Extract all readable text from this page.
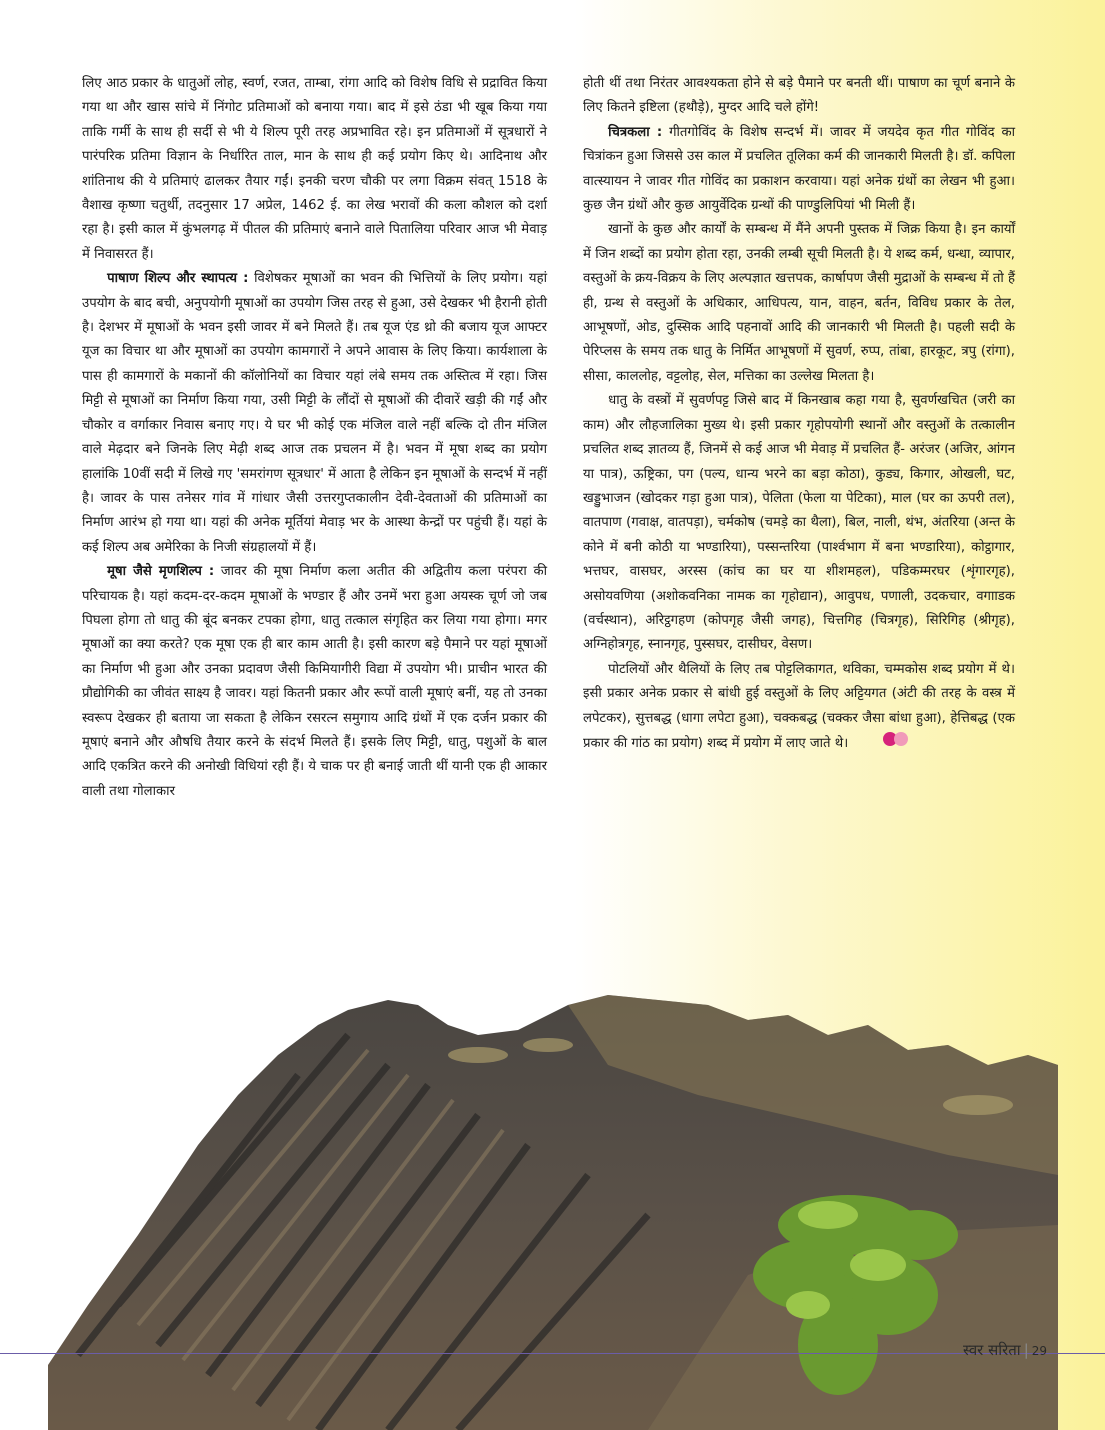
लिए आठ प्रकार के धातुओं लोह, स्वर्ण, रजत, ताम्बा, रांगा आदि को विशेष विधि से प्रद्रावित किया गया था और खास सांचे में निंगोट प्रतिमाओं को बनाया गया। बाद में इसे ठंडा भी खूब किया गया ताकि गर्मी के साथ ही सर्दी से भी ये शिल्प पूरी तरह अप्रभावित रहे। इन प्रतिमाओं में सूत्रधारों ने पारंपरिक प्रतिमा विज्ञान के निर्धारित ताल, मान के साथ ही कई प्रयोग किए थे। आदिनाथ और शांतिनाथ की ये प्रतिमाएं ढालकर तैयार गईं। इनकी चरण चौकी पर लगा विक्रम संवत् 1518 के वैशाख कृष्णा चतुर्थी, तदनुसार 17 अप्रेल, 1462 ई. का लेख भरावों की कला कौशल को दर्शा रहा है। इसी काल में कुंभलगढ़ में पीतल की प्रतिमाएं बनाने वाले पितालिया परिवार आज भी मेवाड़ में निवासरत हैं।

पाषाण शिल्प और स्थापत्य : विशेषकर मूषाओं का भवन की भित्तियों के लिए प्रयोग। यहां उपयोग के बाद बची, अनुपयोगी मूषाओं का उपयोग जिस तरह से हुआ, उसे देखकर भी हैरानी होती है। देशभर में मूषाओं के भवन इसी जावर में बने मिलते हैं। तब यूज एंड थ्रो की बजाय यूज आफ्टर यूज का विचार था और मूषाओं का उपयोग कामगारों ने अपने आवास के लिए किया। कार्यशाला के पास ही कामगारों के मकानों की कॉलोनियों का विचार यहां लंबे समय तक अस्तित्व में रहा। जिस मिट्टी से मूषाओं का निर्माण किया गया, उसी मिट्टी के लौंदों से मूषाओं की दीवारें खड़ी की गईं और चौकोर व वर्गाकार निवास बनाए गए। ये घर भी कोई एक मंजिल वाले नहीं बल्कि दो तीन मंजिल वाले मेढ़दार बने जिनके लिए मेढ़ी शब्द आज तक प्रचलन में है। भवन में मूषा शब्द का प्रयोग हालांकि 10वीं सदी में लिखे गए 'समरांगण सूत्रधार' में आता है लेकिन इन मूषाओं के सन्दर्भ में नहीं है। जावर के पास तनेसर गांव में गांधार जैसी उत्तरगुप्तकालीन देवी-देवताओं की प्रतिमाओं का निर्माण आरंभ हो गया था। यहां की अनेक मूर्तियां मेवाड़ भर के आस्था केन्द्रों पर पहुंची हैं। यहां के कई शिल्प अब अमेरिका के निजी संग्रहालयों में हैं।

मूषा जैसे मृणशिल्प : जावर की मूषा निर्माण कला अतीत की अद्वितीय कला परंपरा की परिचायक है। यहां कदम-दर-कदम मूषाओं के भण्डार हैं और उनमें भरा हुआ अयस्क चूर्ण जो जब पिघला होगा तो धातु की बूंद बनकर टपका होगा, धातु तत्काल संगृहित कर लिया गया होगा। मगर मूषाओं का क्या करते? एक मूषा एक ही बार काम आती है। इसी कारण बड़े पैमाने पर यहां मूषाओं का निर्माण भी हुआ और उनका प्रदावण जैसी किमियागीरी विद्या में उपयोग भी। प्राचीन भारत की प्रौद्योगिकी का जीवंत साक्ष्य है जावर। यहां कितनी प्रकार और रूपों वाली मूषाएं बनीं, यह तो उनका स्वरूप देखकर ही बताया जा सकता है लेकिन रसरत्न समुगाय आदि ग्रंथों में एक दर्जन प्रकार की मूषाएं बनाने और औषधि तैयार करने के संदर्भ मिलते हैं। इसके लिए मिट्टी, धातु, पशुओं के बाल आदि एकत्रित करने की अनोखी विधियां रही हैं। ये चाक पर ही बनाई जाती थीं यानी एक ही आकार वाली तथा गोलाकार

होती थीं तथा निरंतर आवश्यकता होने से बड़े पैमाने पर बनती थीं। पाषाण का चूर्ण बनाने के लिए कितने इष्टिला (हथौड़े), मुग्दर आदि चले होंगे!

चित्रकला : गीतगोविंद के विशेष सन्दर्भ में। जावर में जयदेव कृत गीत गोविंद का चित्रांकन हुआ जिससे उस काल में प्रचलित तूलिका कर्म की जानकारी मिलती है। डॉ. कपिला वात्स्यायन ने जावर गीत गोविंद का प्रकाशन करवाया। यहां अनेक ग्रंथों का लेखन भी हुआ। कुछ जैन ग्रंथों और कुछ आयुर्वेदिक ग्रन्थों की पाण्डुलिपियां भी मिली हैं।

खानों के कुछ और कार्यों के सम्बन्ध में मैंने अपनी पुस्तक में जिक्र किया है। इन कार्यों में जिन शब्दों का प्रयोग होता रहा, उनकी लम्बी सूची मिलती है। ये शब्द कर्म, धन्धा, व्यापार, वस्तुओं के क्रय-विक्रय के लिए अल्पज्ञात खत्तपक, कार्षापण जैसी मुद्राओं के सम्बन्ध में तो हैं ही, ग्रन्थ से वस्तुओं के अधिकार, आधिपत्य, यान, वाहन, बर्तन, विविध प्रकार के तेल, आभूषणों, ओड, दुस्सिक आदि पहनावों आदि की जानकारी भी मिलती है। पहली सदी के पेरिप्लस के समय तक धातु के निर्मित आभूषणों में सुवर्ण, रुप्प, तांबा, हारकूट, त्रपु (रांगा), सीसा, काललोह, वट्टलोह, सेल, मत्तिका का उल्लेख मिलता है।

धातु के वस्त्रों में सुवर्णपट्ट जिसे बाद में किनखाब कहा गया है, सुवर्णखचित (जरी का काम) और लौहजालिका मुख्य थे। इसी प्रकार गृहोपयोगी स्थानों और वस्तुओं के तत्कालीन प्रचलित शब्द ज्ञातव्य हैं, जिनमें से कई आज भी मेवाड़ में प्रचलित हैं- अरंजर (अजिर, आंगन या पात्र), ऊष्ट्रिका, पग (पल्य, धान्य भरने का बड़ा कोठा), कुड्य, किगार, ओखली, घट, खड्डुभाजन (खोदकर गड़ा हुआ पात्र), पेलिता (फेला या पेटिका), माल (घर का ऊपरी तल), वातपाण (गवाक्ष, वातपड़ा), चर्मकोष (चमड़े का थैला), बिल, नाली, थंभ, अंतरिया (अन्त के कोने में बनी कोठी या भण्डारिया), पस्सन्तरिया (पार्श्वभाग में बना भण्डारिया), कोट्ठागार, भत्तघर, वासघर, अरस्स (कांच का घर या शीशमहल), पडिकम्मरघर (शृंगारगृह), असोयवणिया (अशोकवनिका नामक का गृहोद्यान), आवुपध, पणाली, उदकचार, वगााडक (वर्चस्थान), अरिट्ठगहण (कोपगृह जैसी जगह), चित्तगिह (चित्रगृह), सिरिगिह (श्रीगृह), अग्निहोत्रगृह, स्नानगृह, पुस्सघर, दासीघर, वेसण।

पोटलियों और थैलियों के लिए तब पोट्टलिकागत, थविका, चम्मकोस शब्द प्रयोग में थे। इसी प्रकार अनेक प्रकार से बांधी हुई वस्तुओं के लिए अट्टियगत (अंटी की तरह के वस्त्र में लपेटकर), सुत्तबद्ध (धागा लपेटा हुआ), चक्कबद्ध (चक्कर जैसा बांधा हुआ), हेत्तिबद्ध (एक प्रकार की गांठ का प्रयोग) शब्द में प्रयोग में लाए जाते थे।

स्वर सरिता | 29
